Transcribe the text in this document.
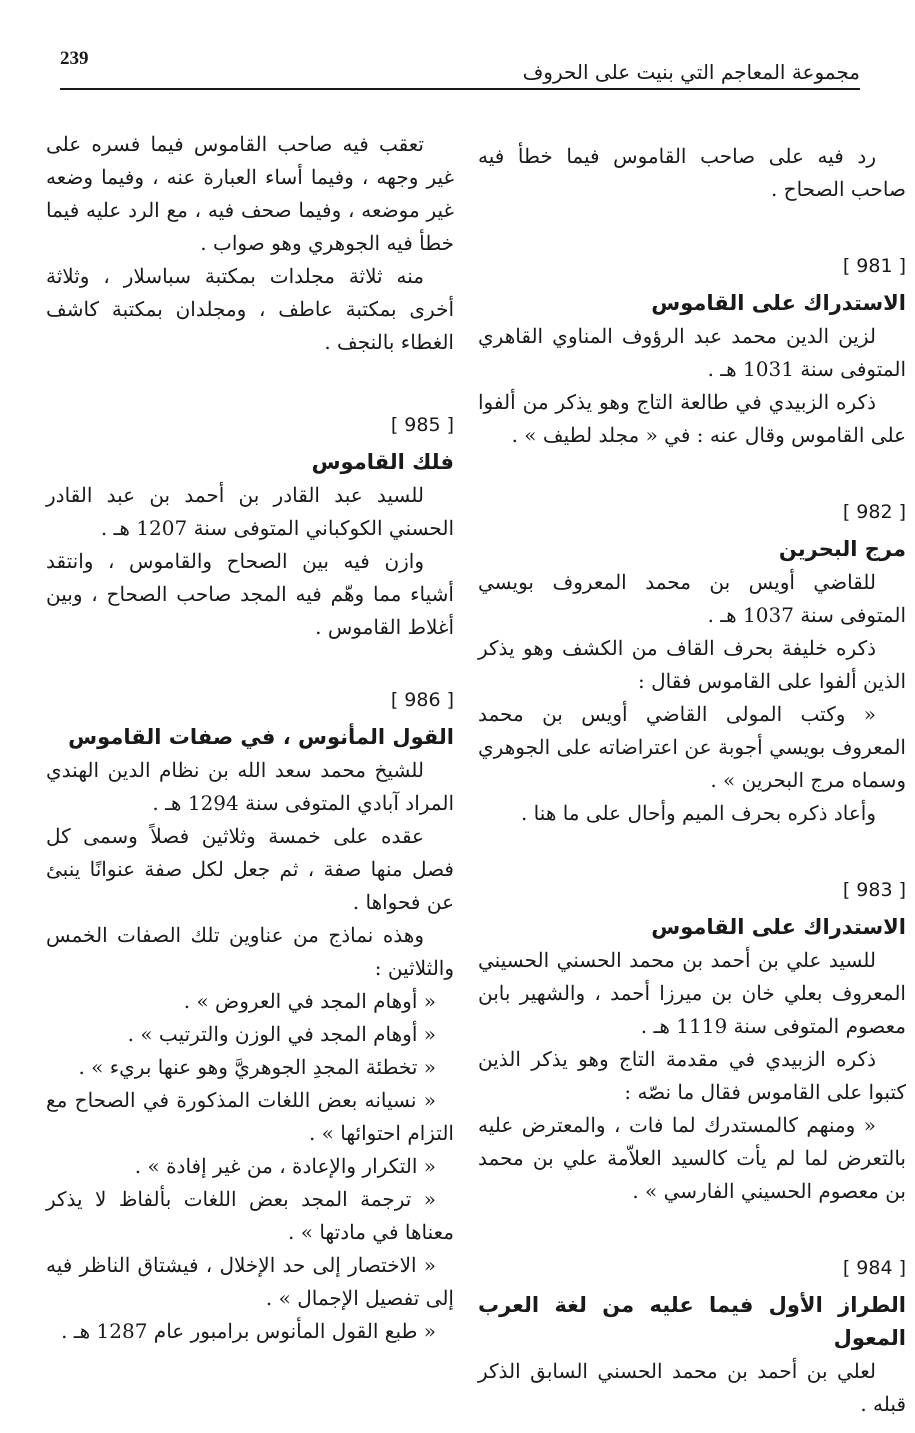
239
مجموعة المعاجم التي بنيت على الحروف

رد فيه على صاحب القاموس فيما خطأ فيه صاحب الصحاح .

[ 981 ]
الاستدراك على القاموس

لزين الدين محمد عبد الرؤوف المناوي القاهري المتوفى سنة 1031 هـ .

ذكره الزبيدي في طالعة التاج وهو يذكر من ألفوا على القاموس وقال عنه : في « مجلد لطيف » .

[ 982 ]
مرج البحرين

للقاضي أويس بن محمد المعروف بويسي المتوفى سنة 1037 هـ .

ذكره خليفة بحرف القاف من الكشف وهو يذكر الذين ألفوا على القاموس فقال :

« وكتب المولى القاضي أويس بن محمد المعروف بويسي أجوبة عن اعتراضاته على الجوهري وسماه مرج البحرين » .

وأعاد ذكره بحرف الميم وأحال على ما هنا .

[ 983 ]
الاستدراك على القاموس

للسيد علي بن أحمد بن محمد الحسني الحسيني المعروف بعلي خان بن ميرزا أحمد ، والشهير بابن معصوم المتوفى سنة 1119 هـ .

ذكره الزبيدي في مقدمة التاج وهو يذكر الذين كتبوا على القاموس فقال ما نصّه :

« ومنهم كالمستدرك لما فات ، والمعترض عليه بالتعرض لما لم يأت كالسيد العلاّمة علي بن محمد بن معصوم الحسيني الفارسي » .

[ 984 ]
الطراز الأول فيما عليه من لغة العرب المعول

لعلي بن أحمد بن محمد الحسني السابق الذكر قبله .

تعقب فيه صاحب القاموس فيما فسره على غير وجهه ، وفيما أساء العبارة عنه ، وفيما وضعه غير موضعه ، وفيما صحف فيه ، مع الرد عليه فيما خطأ فيه الجوهري وهو صواب .

منه ثلاثة مجلدات بمكتبة سباسلار ، وثلاثة أخرى بمكتبة عاطف ، ومجلدان بمكتبة كاشف الغطاء بالنجف .

[ 985 ]
فلك القاموس

للسيد عبد القادر بن أحمد بن عبد القادر الحسني الكوكباني المتوفى سنة 1207 هـ .

وازن فيه بين الصحاح والقاموس ، وانتقد أشياء مما وهّم فيه المجد صاحب الصحاح ، وبين أغلاط القاموس .

[ 986 ]
القول المأنوس ، في صفات القاموس

للشيخ محمد سعد الله بن نظام الدين الهندي المراد آبادي المتوفى سنة 1294 هـ .

عقده على خمسة وثلاثين فصلاً وسمى كل فصل منها صفة ، ثم جعل لكل صفة عنوانًا ينبئ عن فحواها .

وهذه نماذج من عناوين تلك الصفات الخمس والثلاثين :

« أوهام المجد في العروض » .

« أوهام المجد في الوزن والترتيب » .

« تخطئة المجدِ الجوهريَّ وهو عنها بريء » .

« نسيانه بعض اللغات المذكورة في الصحاح مع التزام احتوائها » .

« التكرار والإعادة ، من غير إفادة » .

« ترجمة المجد بعض اللغات بألفاظ لا يذكر معناها في مادتها » .

« الاختصار إلى حد الإخلال ، فيشتاق الناظر فيه إلى تفصيل الإجمال » .

« طبع القول المأنوس برامبور عام 1287 هـ .
